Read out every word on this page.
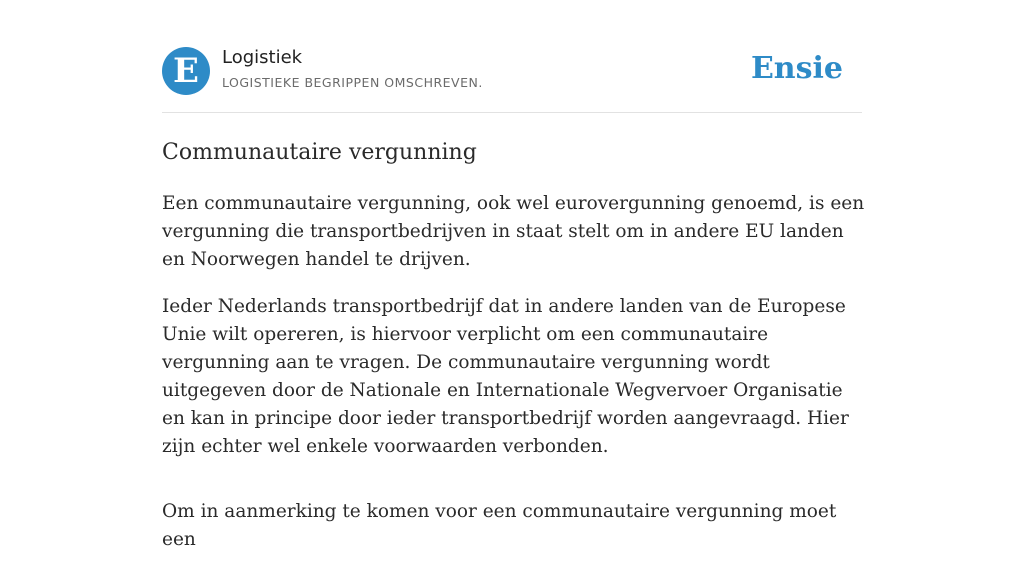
E	Logistiek
LOGISTIEKE BEGRIPPEN OMSCHREVEN.	Ensie
Communautaire vergunning

Een communautaire vergunning, ook wel eurovergunning genoemd, is een vergunning die transportbedrijven in staat stelt om in andere EU landen en Noorwegen handel te drijven.

Ieder Nederlands transportbedrijf dat in andere landen van de Europese Unie wilt opereren, is hiervoor verplicht om een communautaire vergunning aan te vragen. De communautaire vergunning wordt uitgegeven door de Nationale en Internationale Wegvervoer Organisatie en kan in principe door ieder transportbedrijf worden aangevraagd. Hier zijn echter wel enkele voorwaarden verbonden.

Om in aanmerking te komen voor een communautaire vergunning moet een
